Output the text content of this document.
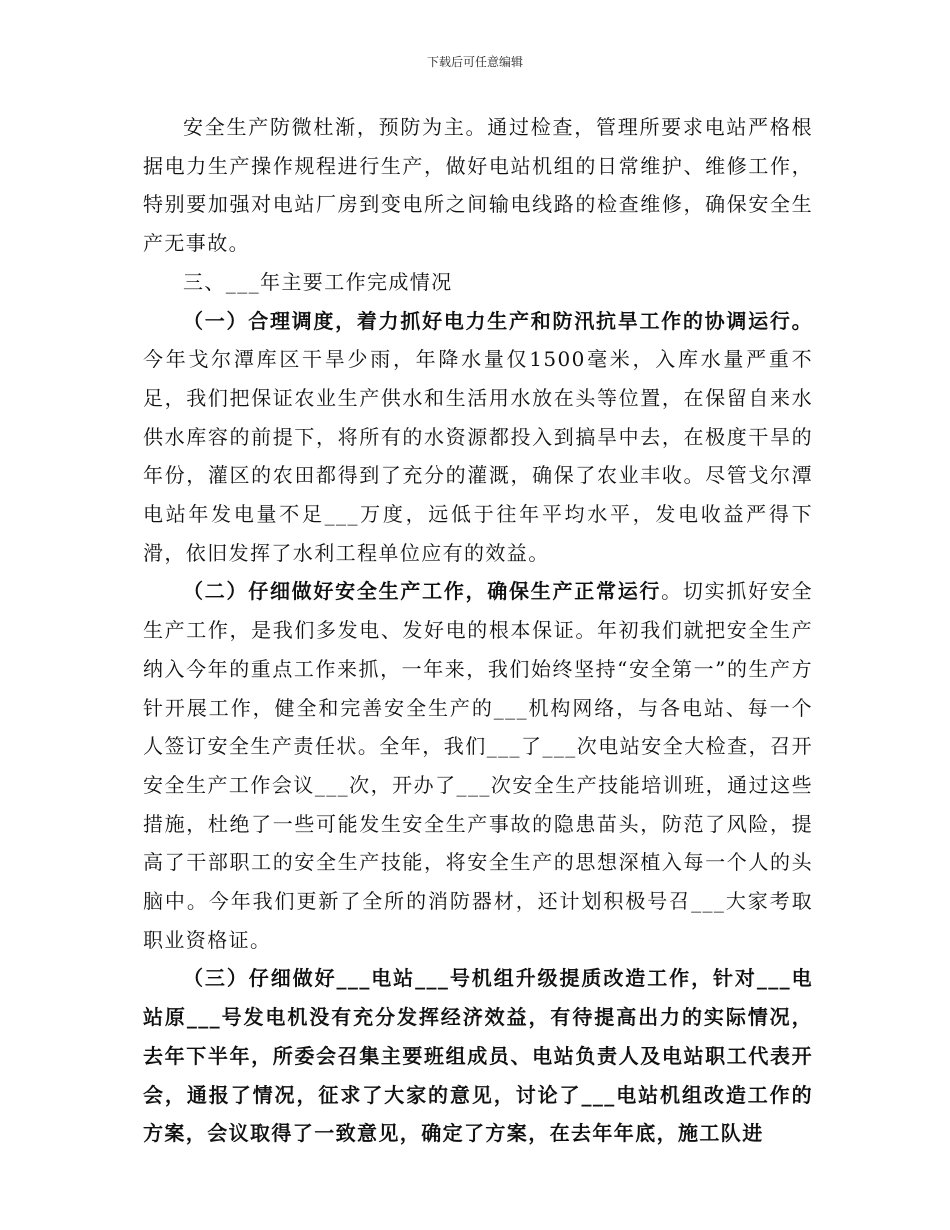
下载后可任意编辑

安全生产防微杜渐，预防为主。通过检查，管理所要求电站严格根据电力生产操作规程进行生产，做好电站机组的日常维护、维修工作，特别要加强对电站厂房到变电所之间输电线路的检查维修，确保安全生产无事故。

三、___年主要工作完成情况

（一）合理调度，着力抓好电力生产和防汛抗旱工作的协调运行。今年戈尔潭库区干旱少雨，年降水量仅1500毫米，入库水量严重不足，我们把保证农业生产供水和生活用水放在头等位置，在保留自来水供水库容的前提下，将所有的水资源都投入到搞旱中去，在极度干旱的年份，灌区的农田都得到了充分的灌溉，确保了农业丰收。尽管戈尔潭电站年发电量不足___万度，远低于往年平均水平，发电收益严得下滑，依旧发挥了水利工程单位应有的效益。

（二）仔细做好安全生产工作，确保生产正常运行。切实抓好安全生产工作，是我们多发电、发好电的根本保证。年初我们就把安全生产纳入今年的重点工作来抓，一年来，我们始终坚持“安全第一”的生产方针开展工作，健全和完善安全生产的___机构网络，与各电站、每一个人签订安全生产责任状。全年，我们___了___次电站安全大检查，召开安全生产工作会议___次，开办了___次安全生产技能培训班，通过这些措施，杜绝了一些可能发生安全生产事故的隐患苗头，防范了风险，提高了干部职工的安全生产技能，将安全生产的思想深植入每一个人的头脑中。今年我们更新了全所的消防器材，还计划积极号召___大家考取职业资格证。

（三）仔细做好___电站___号机组升级提质改造工作，针对___电站原___号发电机没有充分发挥经济效益，有待提高出力的实际情况，去年下半年，所委会召集主要班组成员、电站负责人及电站职工代表开会，通报了情况，征求了大家的意见，讨论了___电站机组改造工作的方案，会议取得了一致意见，确定了方案，在去年年底，施工队进
